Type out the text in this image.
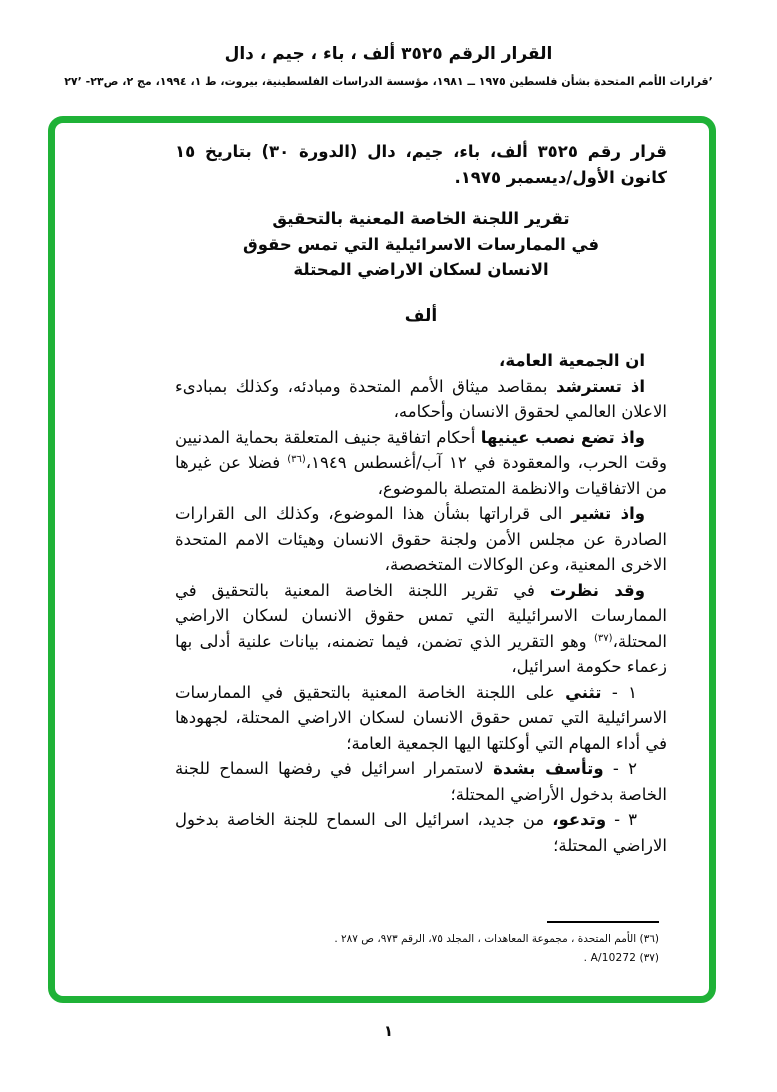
القرار الرقم ٣٥٢٥ ألف ، باء ، جيم ، دال
٬قرارات الأمم المتحدة بشأن فلسطين ١٩٧٥ ــ ١٩٨١، مؤسسة الدراسات الفلسطينية، بيروت، ط ١، ١٩٩٤، مج ٢، ص٢٣- ٢٧٬
قرار رقم ٣٥٢٥ ألف، باء، جيم، دال (الدورة ٣٠) بتاريخ ١٥ كانون الأول/ديسمبر ١٩٧٥.
تقرير اللجنة الخاصة المعنية بالتحقيق
في الممارسات الاسرائيلية التي تمس حقوق
الانسان لسكان الاراضي المحتلة
ألف
ان الجمعية العامة،
اذ تسترشد بمقاصد ميثاق الأمم المتحدة ومبادئه، وكذلك بمبادىء الاعلان العالمي لحقوق الانسان وأحكامه،
واذ تضع نصب عينيها أحكام اتفاقية جنيف المتعلقة بحماية المدنيين وقت الحرب، والمعقودة في ١٢ آب/أغسطس ١٩٤٩،$^{(٣٦)}$ فضلا عن غيرها من الاتفاقيات والانظمة المتصلة بالموضوع،
واذ تشير الى قراراتها بشأن هذا الموضوع، وكذلك الى القرارات الصادرة عن مجلس الأمن ولجنة حقوق الانسان وهيئات الامم المتحدة الاخرى المعنية، وعن الوكالات المتخصصة،
وقد نظرت في تقرير اللجنة الخاصة المعنية بالتحقيق في الممارسات الاسرائيلية التي تمس حقوق الانسان لسكان الاراضي المحتلة،$^{(٣٧)}$ وهو التقرير الذي تضمن، فيما تضمنه، بيانات علنية أدلى بها زعماء حكومة اسرائيل،
١ - تثني على اللجنة الخاصة المعنية بالتحقيق في الممارسات الاسرائيلية التي تمس حقوق الانسان لسكان الاراضي المحتلة، لجهودها في أداء المهام التي أوكلتها اليها الجمعية العامة؛
٢ - وتأسف بشدة لاستمرار اسرائيل في رفضها السماح للجنة الخاصة بدخول الأراضي المحتلة؛
٣ - وتدعو، من جديد، اسرائيل الى السماح للجنة الخاصة بدخول الاراضي المحتلة؛
(٣٦) الأمم المتحدة ، مجموعة المعاهدات ، المجلد ٧٥، الرقم ٩٧٣، ص ٢٨٧ .
(٣٧) A/10272 .
١
